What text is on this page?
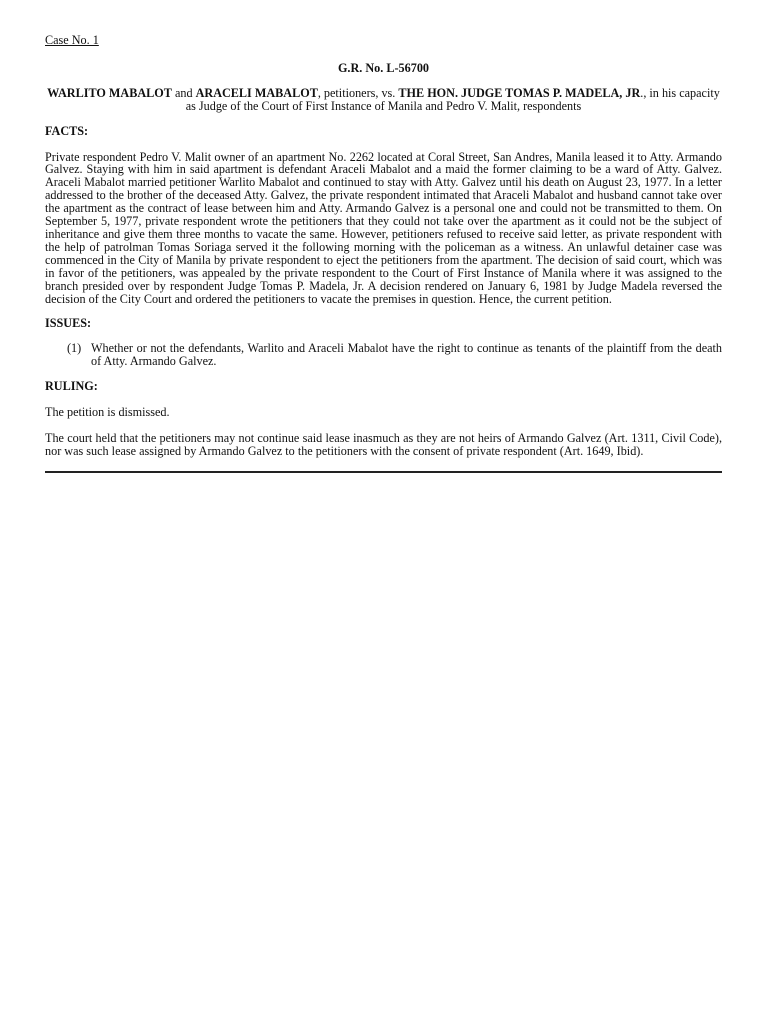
Case No. 1

G.R. No. L-56700

WARLITO MABALOT and ARACELI MABALOT, petitioners, vs. THE HON. JUDGE TOMAS P. MADELA, JR., in his capacity as Judge of the Court of First Instance of Manila and Pedro V. Malit, respondents

FACTS:

Private respondent Pedro V. Malit owner of an apartment No. 2262 located at Coral Street, San Andres, Manila leased it to Atty. Armando Galvez. Staying with him in said apartment is defendant Araceli Mabalot and a maid the former claiming to be a ward of Atty. Galvez. Araceli Mabalot married petitioner Warlito Mabalot and continued to stay with Atty. Galvez until his death on August 23, 1977. In a letter addressed to the brother of the deceased Atty. Galvez, the private respondent intimated that Araceli Mabalot and husband cannot take over the apartment as the contract of lease between him and Atty. Armando Galvez is a personal one and could not be transmitted to them. On September 5, 1977, private respondent wrote the petitioners that they could not take over the apartment as it could not be the subject of inheritance and give them three months to vacate the same. However, petitioners refused to receive said letter, as private respondent with the help of patrolman Tomas Soriaga served it the following morning with the policeman as a witness. An unlawful detainer case was commenced in the City of Manila by private respondent to eject the petitioners from the apartment. The decision of said court, which was in favor of the petitioners, was appealed by the private respondent to the Court of First Instance of Manila where it was assigned to the branch presided over by respondent Judge Tomas P. Madela, Jr. A decision rendered on January 6, 1981 by Judge Madela reversed the decision of the City Court and ordered the petitioners to vacate the premises in question. Hence, the current petition.

ISSUES:

(1) Whether or not the defendants, Warlito and Araceli Mabalot have the right to continue as tenants of the plaintiff from the death of Atty. Armando Galvez.

RULING:

The petition is dismissed.

The court held that the petitioners may not continue said lease inasmuch as they are not heirs of Armando Galvez (Art. 1311, Civil Code), nor was such lease assigned by Armando Galvez to the petitioners with the consent of private respondent (Art. 1649, Ibid).
